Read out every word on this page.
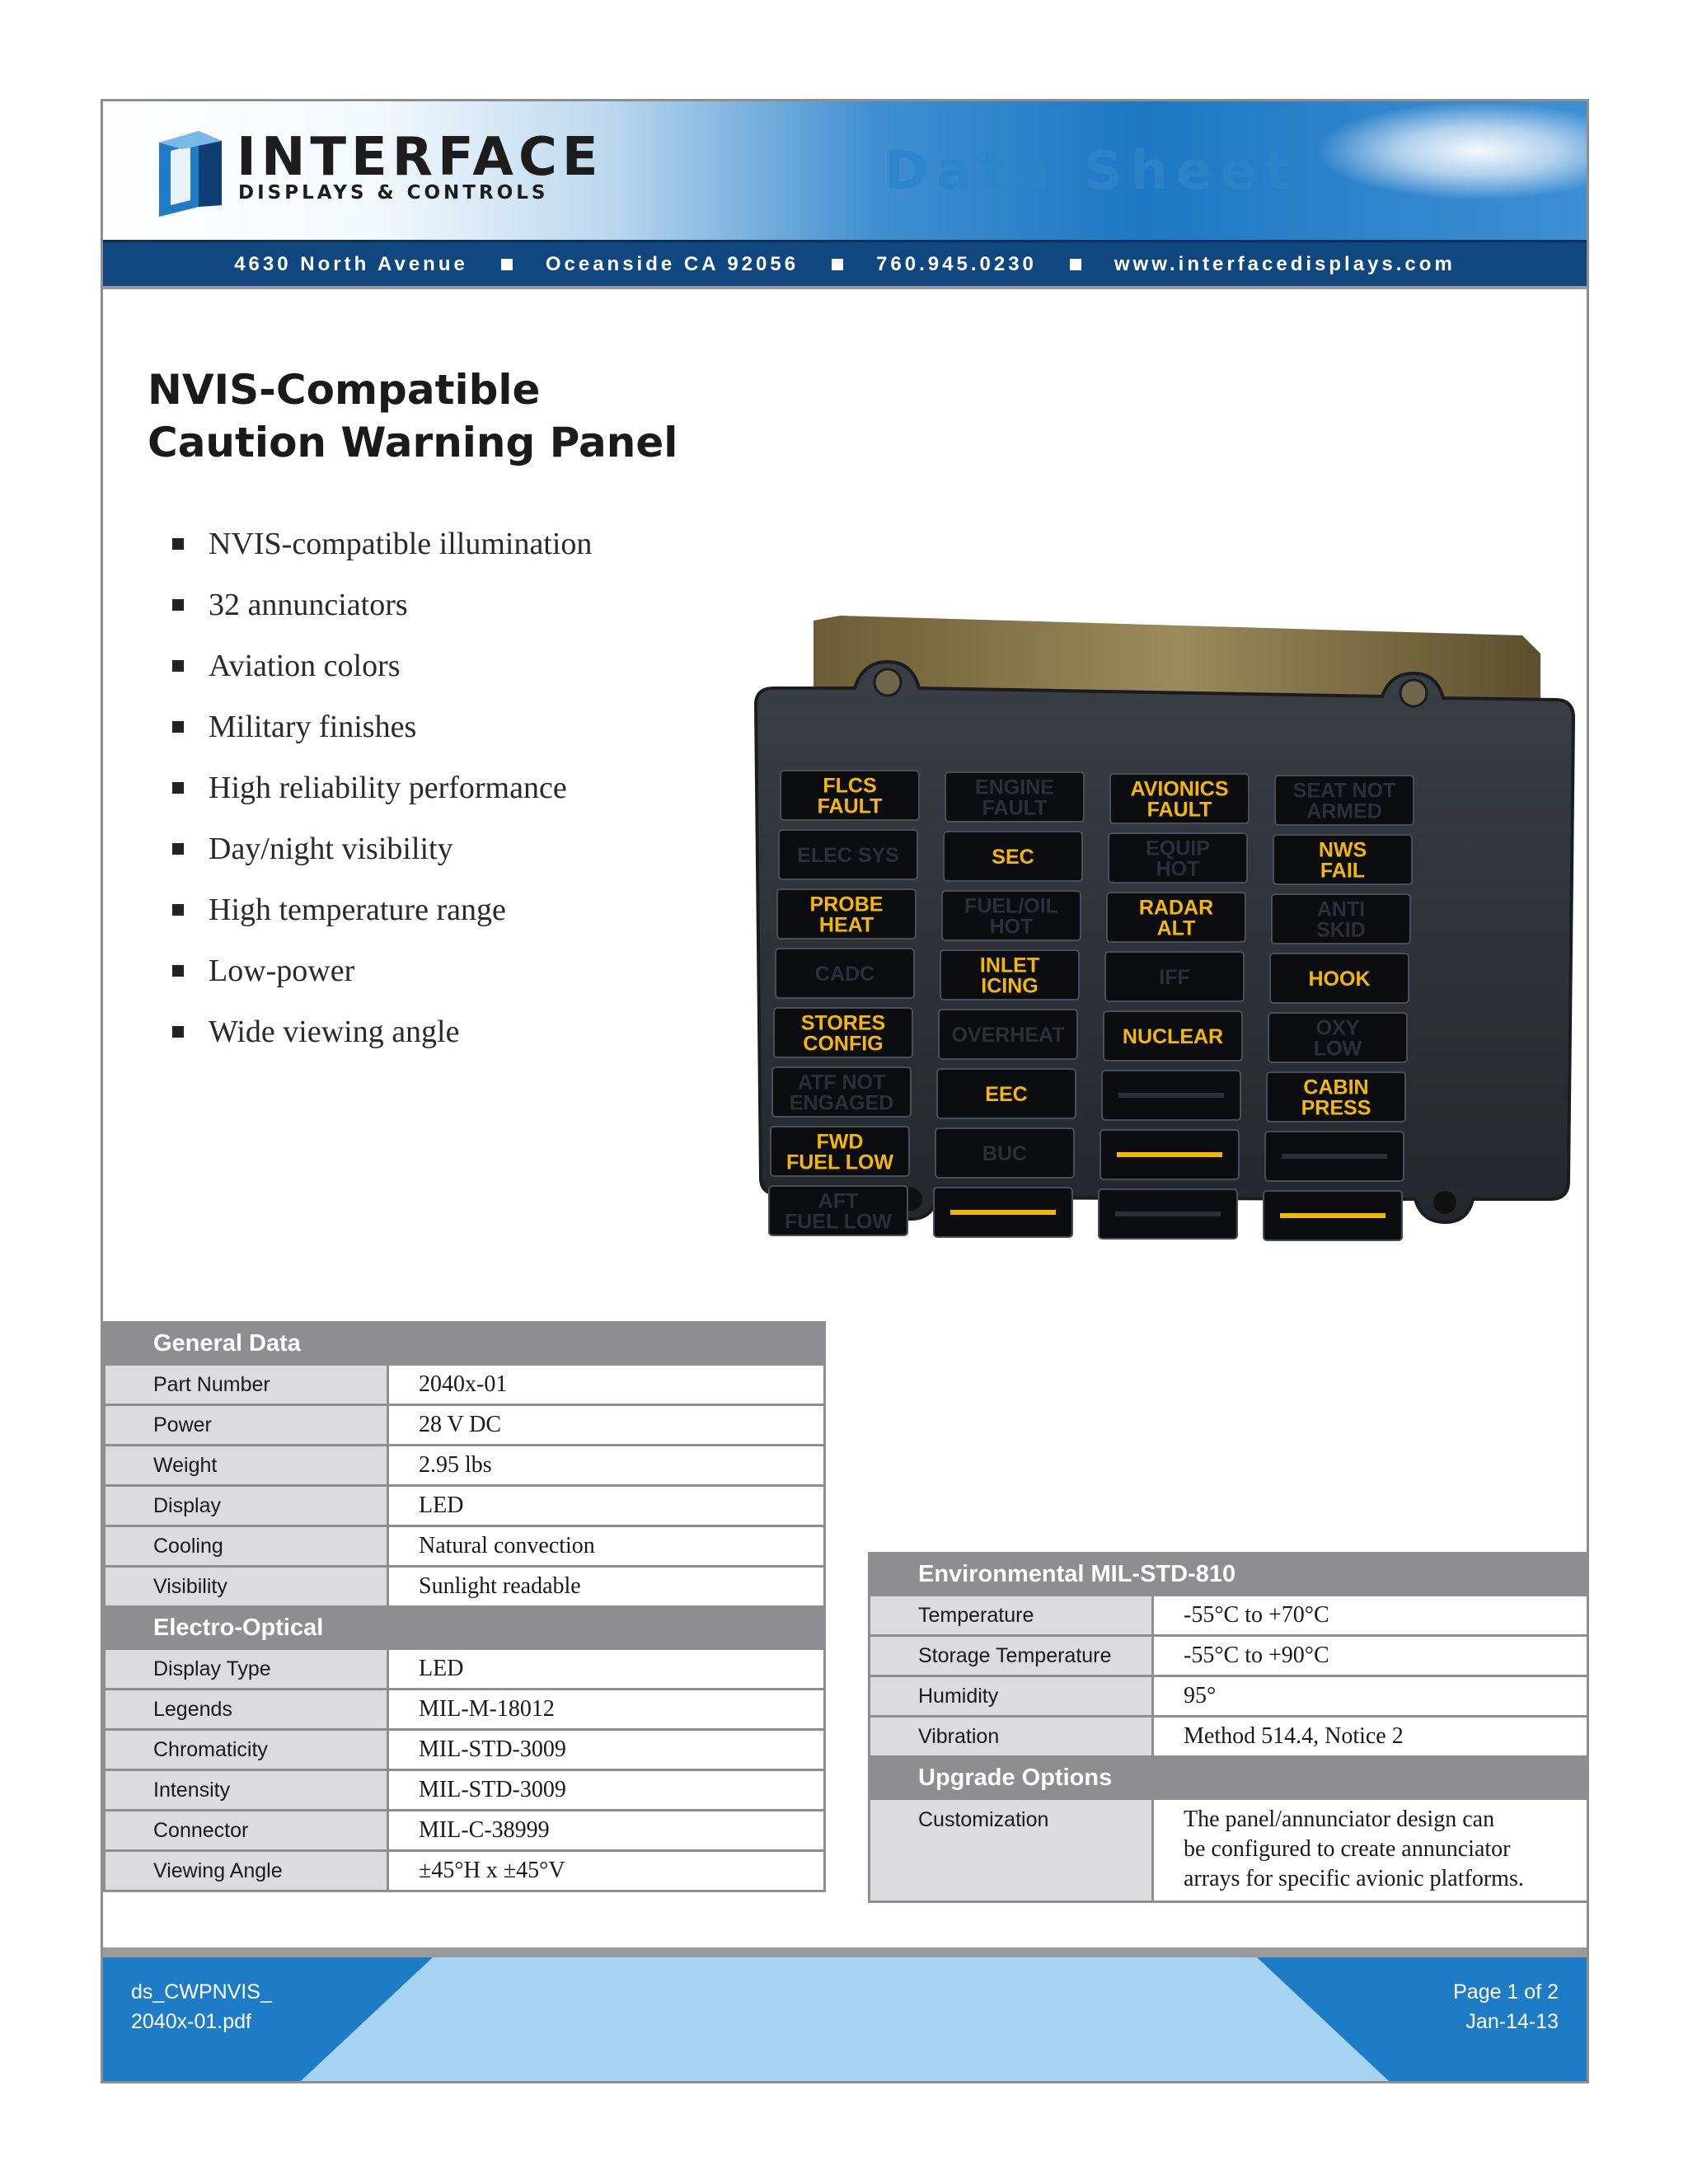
INTERFACE
DISPLAYS & CONTROLS	Data Sheet
4630 North Avenue	Oceanside CA 92056	760.945.0230	www.interfacedisplays.com
NVIS-Compatible
Caution Warning Panel
NVIS-compatible illumination
32 annunciators
Aviation colors
Military finishes
High reliability performance
Day/night visibility
High temperature range
Low-power
Wide viewing angle
FLCS
FAULT
ELEC SYS
PROBE
HEAT
CADC
STORES
CONFIG
ATF NOT
ENGAGED
FWD
FUEL LOW
AFT
FUEL LOW
ENGINE
FAULT
SEC
FUEL/OIL
HOT
INLET
ICING
OVERHEAT
EEC
BUC
AVIONICS
FAULT
EQUIP
HOT
RADAR
ALT
IFF
NUCLEAR
SEAT NOT
ARMED
NWS
FAIL
ANTI
SKID
HOOK
OXY
LOW
CABIN
PRESS
General Data	
Part Number	2040x-01
Power	28 V DC
Weight	2.95 lbs
Display	LED
Cooling	Natural convection
Visibility	Sunlight readable
Electro-Optical	
Display Type	LED
Legends	MIL-M-18012
Chromaticity	MIL-STD-3009
Intensity	MIL-STD-3009
Connector	MIL-C-38999
Viewing Angle	±45°H x ±45°V
Environmental MIL-STD-810	
Temperature	-55°C to +70°C
Storage Temperature	-55°C to +90°C
Humidity	95°
Vibration	Method 514.4, Notice 2
Upgrade Options	
Customization	The panel/annunciator design can
be configured to create annunciator
arrays for specific avionic platforms.
ds_CWPNVIS_
2040x-01.pdf
Page 1 of 2
Jan-14-13
